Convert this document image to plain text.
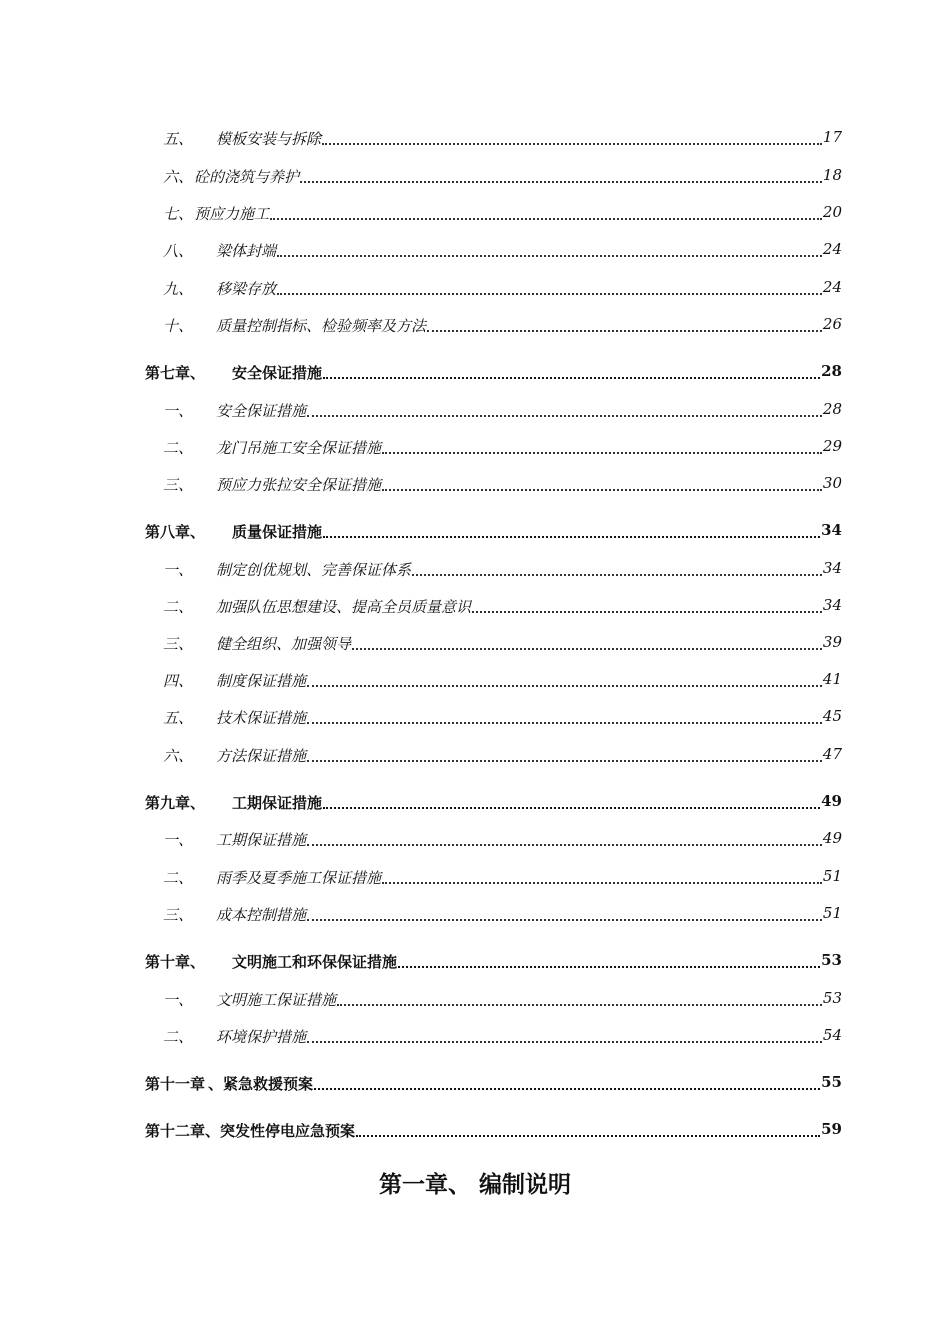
五、 模板安装与拆除	17
六、 砼的浇筑与养护	18
七、 预应力施工	20
八、 梁体封端	24
九、 移梁存放	24
十、 质量控制指标、检验频率及方法	26
第七章、 安全保证措施	28
一、 安全保证措施	28
二、 龙门吊施工安全保证措施	29
三、 预应力张拉安全保证措施	30
第八章、 质量保证措施	34
一、 制定创优规划、完善保证体系	34
二、 加强队伍思想建设、提高全员质量意识	34
三、 健全组织、加强领导	39
四、 制度保证措施	41
五、 技术保证措施	45
六、 方法保证措施	47
第九章、 工期保证措施	49
一、 工期保证措施	49
二、 雨季及夏季施工保证措施	51
三、 成本控制措施	51
第十章、 文明施工和环保保证措施	53
一、 文明施工保证措施	53
二、 环境保护措施	54
第十一章 、紧急救援预案	55
第十二章、突发性停电应急预案	59
第一章、 编制说明
